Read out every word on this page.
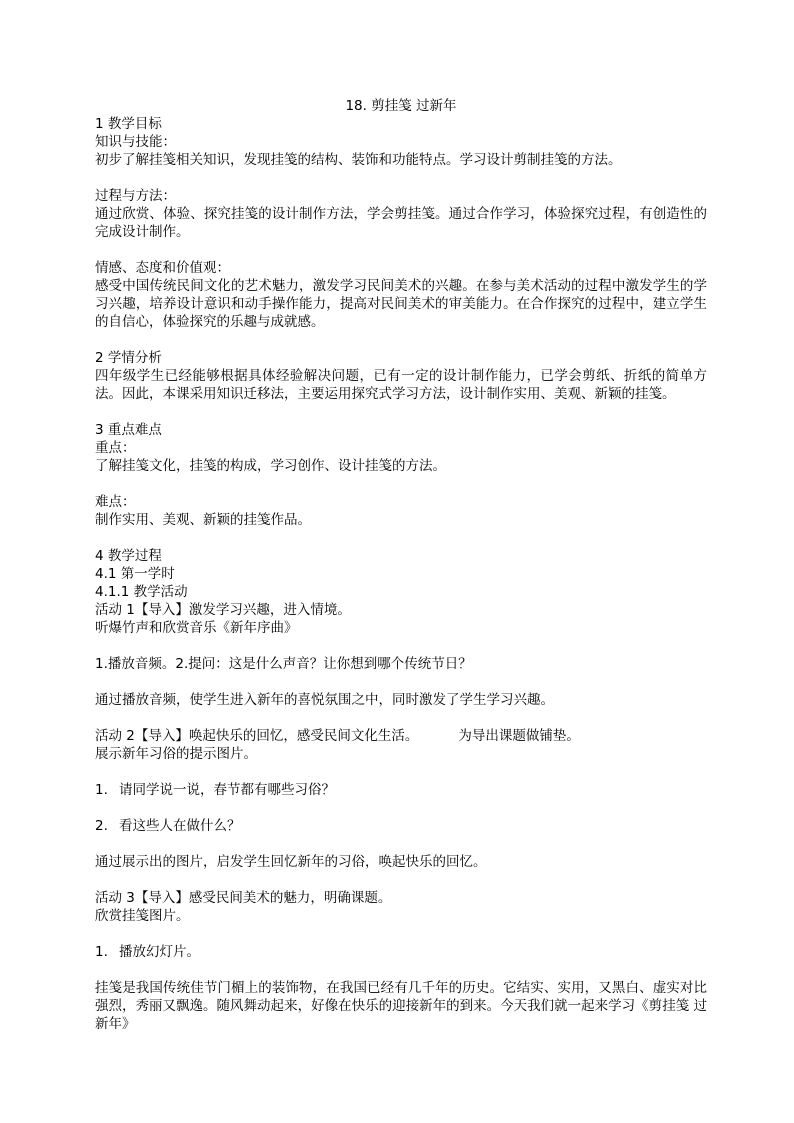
18. 剪挂笺 过新年

1 教学目标

知识与技能：

初步了解挂笺相关知识，发现挂笺的结构、装饰和功能特点。学习设计剪制挂笺的方法。

过程与方法：

通过欣赏、体验、探究挂笺的设计制作方法，学会剪挂笺。通过合作学习，体验探究过程，有创造性的完成设计制作。

情感、态度和价值观：

感受中国传统民间文化的艺术魅力，激发学习民间美术的兴趣。在参与美术活动的过程中激发学生的学习兴趣，培养设计意识和动手操作能力，提高对民间美术的审美能力。在合作探究的过程中，建立学生的自信心，体验探究的乐趣与成就感。

2 学情分析

四年级学生已经能够根据具体经验解决问题，已有一定的设计制作能力，已学会剪纸、折纸的简单方法。因此，本课采用知识迁移法，主要运用探究式学习方法，设计制作实用、美观、新颖的挂笺。

3 重点难点

重点：

了解挂笺文化，挂笺的构成，学习创作、设计挂笺的方法。

难点：

制作实用、美观、新颖的挂笺作品。

4 教学过程

4.1 第一学时

4.1.1 教学活动

活动 1【导入】激发学习兴趣，进入情境。

听爆竹声和欣赏音乐《新年序曲》

1.播放音频。2.提问：这是什么声音？让你想到哪个传统节日？

通过播放音频，使学生进入新年的喜悦氛围之中，同时激发了学生学习兴趣。

活动 2【导入】唤起快乐的回忆，感受民间文化生活。	为导出课题做铺垫。

展示新年习俗的提示图片。

1. 请同学说一说，春节都有哪些习俗？

2. 看这些人在做什么？

通过展示出的图片，启发学生回忆新年的习俗，唤起快乐的回忆。

活动 3【导入】感受民间美术的魅力，明确课题。

欣赏挂笺图片。

1. 播放幻灯片。

挂笺是我国传统佳节门楣上的装饰物，在我国已经有几千年的历史。它结实、实用，又黑白、虚实对比强烈，秀丽又飘逸。随风舞动起来，好像在快乐的迎接新年的到来。今天我们就一起来学习《剪挂笺 过新年》
